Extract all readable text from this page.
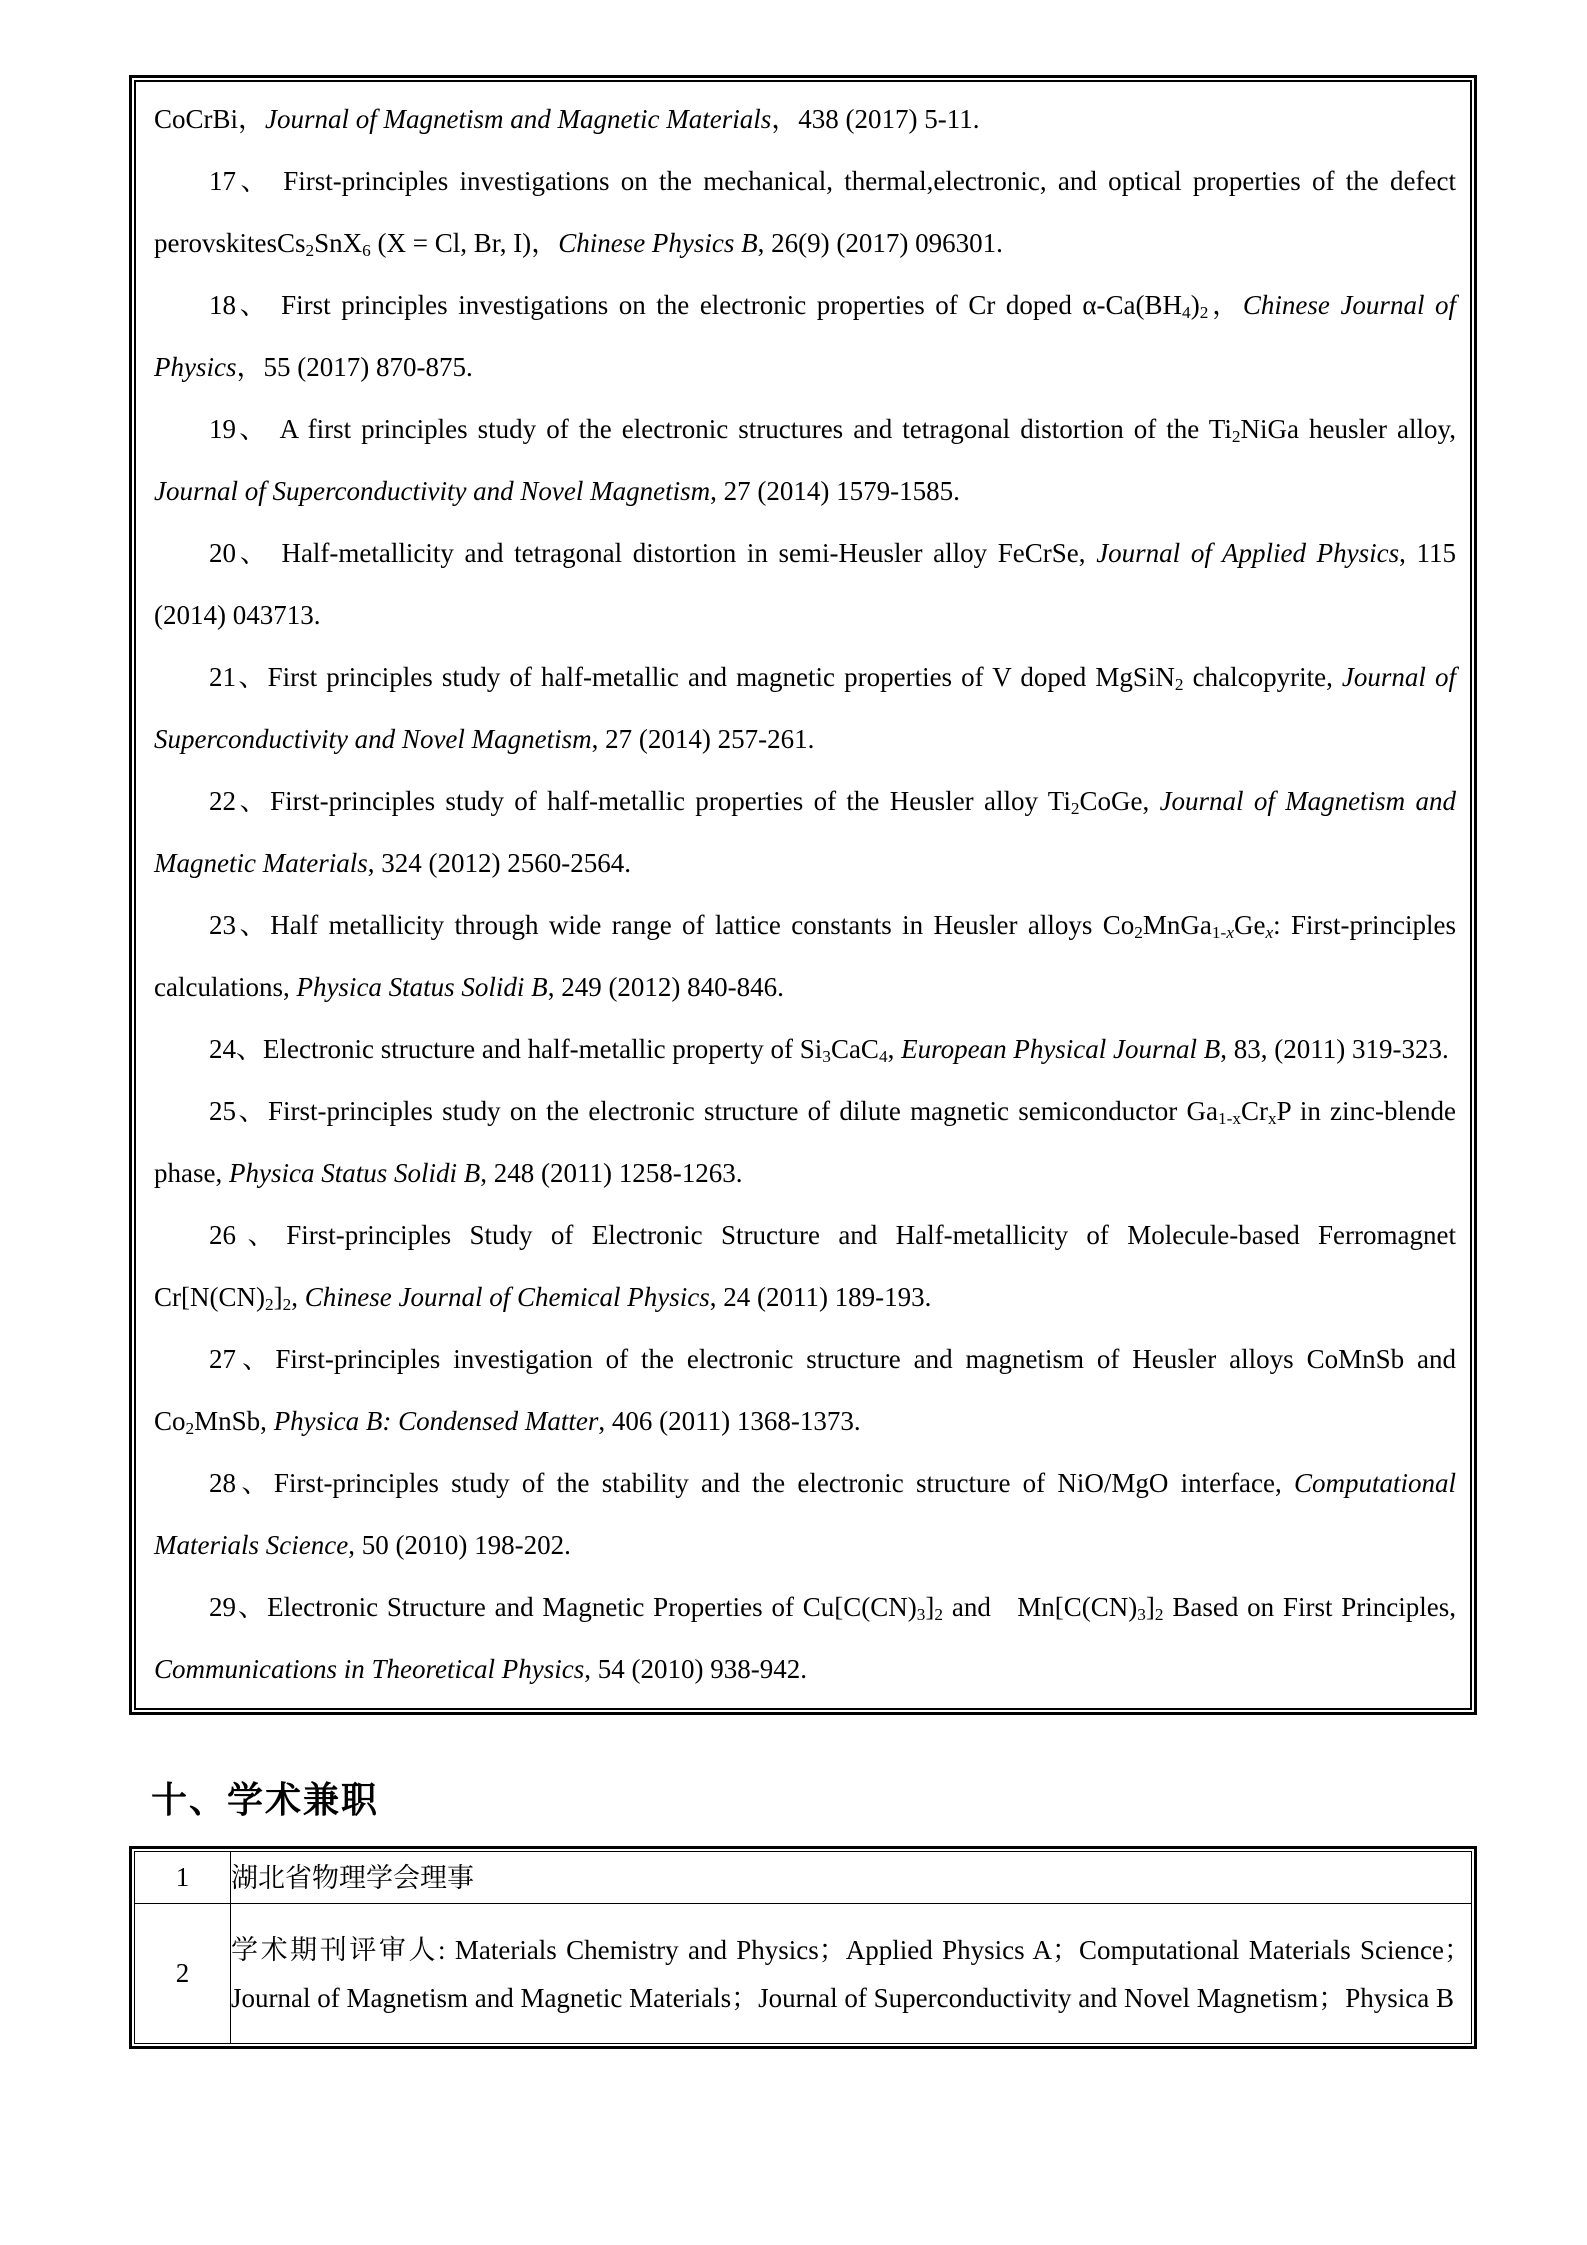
CoCrBi，Journal of Magnetism and Magnetic Materials，438 (2017) 5-11.

17、 First-principles investigations on the mechanical, thermal,electronic, and optical properties of the defect perovskitesCs2SnX6 (X = Cl, Br, I)，Chinese Physics B, 26(9) (2017) 096301.

18、 First principles investigations on the electronic properties of Cr doped α-Ca(BH4)2，Chinese Journal of Physics，55 (2017) 870-875.

19、 A first principles study of the electronic structures and tetragonal distortion of the Ti2NiGa heusler alloy, Journal of Superconductivity and Novel Magnetism, 27 (2014) 1579-1585.

20、 Half-metallicity and tetragonal distortion in semi-Heusler alloy FeCrSe, Journal of Applied Physics, 115 (2014) 043713.

21、First principles study of half-metallic and magnetic properties of V doped MgSiN2 chalcopyrite, Journal of Superconductivity and Novel Magnetism, 27 (2014) 257-261.

22、First-principles study of half-metallic properties of the Heusler alloy Ti2CoGe, Journal of Magnetism and Magnetic Materials, 324 (2012) 2560-2564.

23、Half metallicity through wide range of lattice constants in Heusler alloys Co2MnGa1-xGex: First-principles calculations, Physica Status Solidi B, 249 (2012) 840-846.

24、Electronic structure and half-metallic property of Si3CaC4, European Physical Journal B, 83, (2011) 319-323.

25、First-principles study on the electronic structure of dilute magnetic semiconductor Ga1-xCrxP in zinc-blende phase, Physica Status Solidi B, 248 (2011) 1258-1263.

26、First-principles Study of Electronic Structure and Half-metallicity of Molecule-based Ferromagnet Cr[N(CN)2]2, Chinese Journal of Chemical Physics, 24 (2011) 189-193.

27、First-principles investigation of the electronic structure and magnetism of Heusler alloys CoMnSb and Co2MnSb, Physica B: Condensed Matter, 406 (2011) 1368-1373.

28、First-principles study of the stability and the electronic structure of NiO/MgO interface, Computational Materials Science, 50 (2010) 198-202.

29、Electronic Structure and Magnetic Properties of Cu[C(CN)3]2 and   Mn[C(CN)3]2 Based on First Principles, Communications in Theoretical Physics, 54 (2010) 938-942.

十、学术兼职
1	湖北省物理学会理事
2	学术期刊评审人: Materials Chemistry and Physics；Applied Physics A；Computational Materials Science；Journal of Magnetism and Magnetic Materials；Journal of Superconductivity and Novel Magnetism；Physica B
